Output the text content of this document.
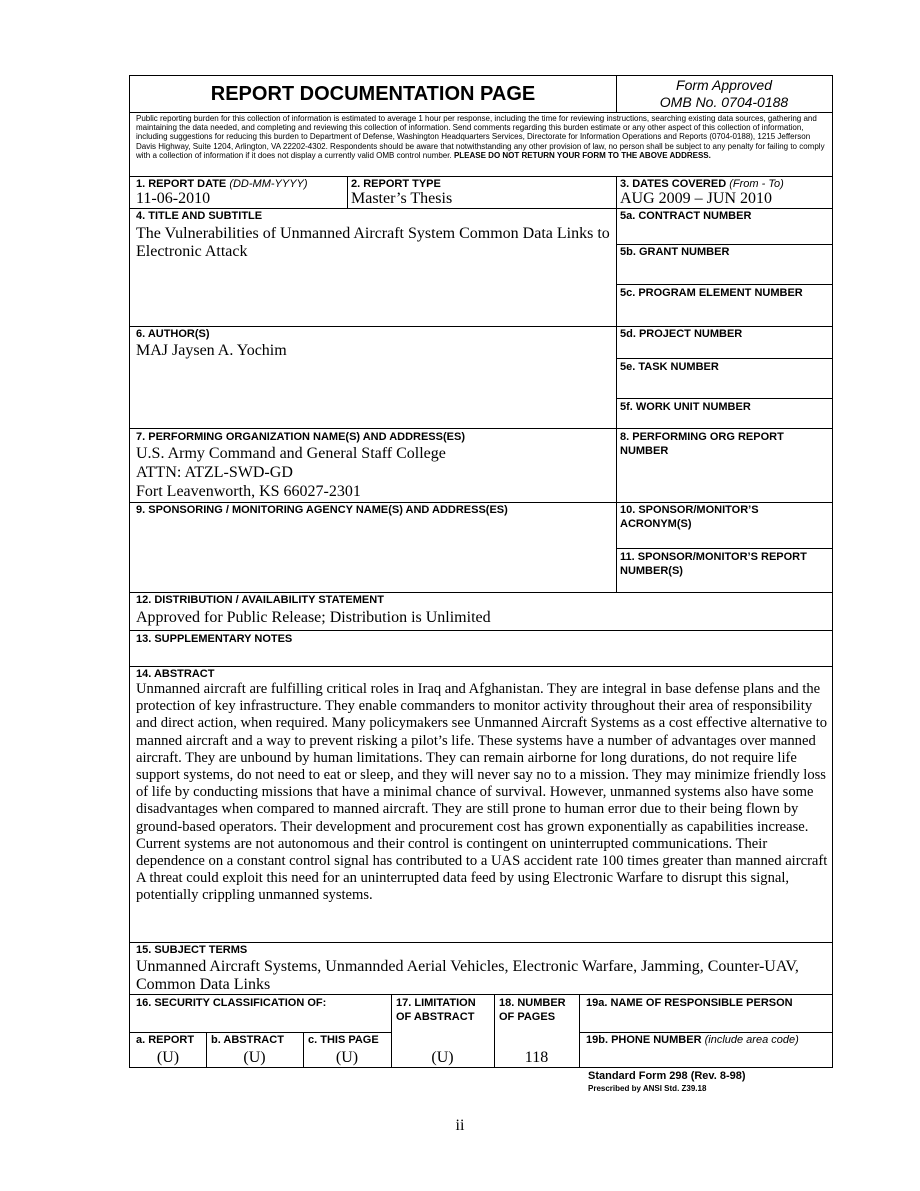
REPORT DOCUMENTATION PAGE	Form Approved
OMB No. 0704-0188
Public reporting burden for this collection of information is estimated to average 1 hour per response, including the time for reviewing instructions, searching existing data sources, gathering and maintaining the data needed, and completing and reviewing this collection of information. Send comments regarding this burden estimate or any other aspect of this collection of information, including suggestions for reducing this burden to Department of Defense, Washington Headquarters Services, Directorate for Information Operations and Reports (0704-0188), 1215 Jefferson Davis Highway, Suite 1204, Arlington, VA 22202-4302. Respondents should be aware that notwithstanding any other provision of law, no person shall be subject to any penalty for failing to comply with a collection of information if it does not display a currently valid OMB control number. PLEASE DO NOT RETURN YOUR FORM TO THE ABOVE ADDRESS.
1. REPORT DATE (DD-MM-YYYY)
11-06-2010
2. REPORT TYPE
Master’s Thesis
3. DATES COVERED (From - To)
AUG 2009 – JUN 2010
4. TITLE AND SUBTITLE
The Vulnerabilities of Unmanned Aircraft System Common Data Links to Electronic Attack
5a. CONTRACT NUMBER
5b. GRANT NUMBER
5c. PROGRAM ELEMENT NUMBER
6. AUTHOR(S)
MAJ Jaysen A. Yochim
5d. PROJECT NUMBER
5e. TASK NUMBER
5f. WORK UNIT NUMBER
7. PERFORMING ORGANIZATION NAME(S) AND ADDRESS(ES)
U.S. Army Command and General Staff College
ATTN: ATZL-SWD-GD
Fort Leavenworth, KS 66027-2301
8. PERFORMING ORG REPORT NUMBER
9. SPONSORING / MONITORING AGENCY NAME(S) AND ADDRESS(ES)	10. SPONSOR/MONITOR’S ACRONYM(S)
11. SPONSOR/MONITOR’S REPORT NUMBER(S)
12. DISTRIBUTION / AVAILABILITY STATEMENT
Approved for Public Release; Distribution is Unlimited
13. SUPPLEMENTARY NOTES
14. ABSTRACT
Unmanned aircraft are fulfilling critical roles in Iraq and Afghanistan. They are integral in base defense plans and the protection of key infrastructure. They enable commanders to monitor activity throughout their area of responsibility and direct action, when required. Many policymakers see Unmanned Aircraft Systems as a cost effective alternative to manned aircraft and a way to prevent risking a pilot’s life. These systems have a number of advantages over manned aircraft. They are unbound by human limitations. They can remain airborne for long durations, do not require life support systems, do not need to eat or sleep, and they will never say no to a mission. They may minimize friendly loss of life by conducting missions that have a minimal chance of survival. However, unmanned systems also have some disadvantages when compared to manned aircraft. They are still prone to human error due to their being flown by ground-based operators. Their development and procurement cost has grown exponentially as capabilities increase. Current systems are not autonomous and their control is contingent on uninterrupted communications. Their dependence on a constant control signal has contributed to a UAS accident rate 100 times greater than manned aircraft A threat could exploit this need for an uninterrupted data feed by using Electronic Warfare to disrupt this signal, potentially crippling unmanned systems.
15. SUBJECT TERMS
Unmanned Aircraft Systems, Unmannded Aerial Vehicles, Electronic Warfare, Jamming, Counter-UAV, Common Data Links
16. SECURITY CLASSIFICATION OF:	17. LIMITATION OF ABSTRACT
18. NUMBER OF PAGES
19a. NAME OF RESPONSIBLE PERSON
a. REPORT b. ABSTRACT c. THIS PAGE	19b. PHONE NUMBER (include area code)
(U)	(U)	(U)	(U)	118
Standard Form 298 (Rev. 8-98)
Prescribed by ANSI Std. Z39.18
ii
